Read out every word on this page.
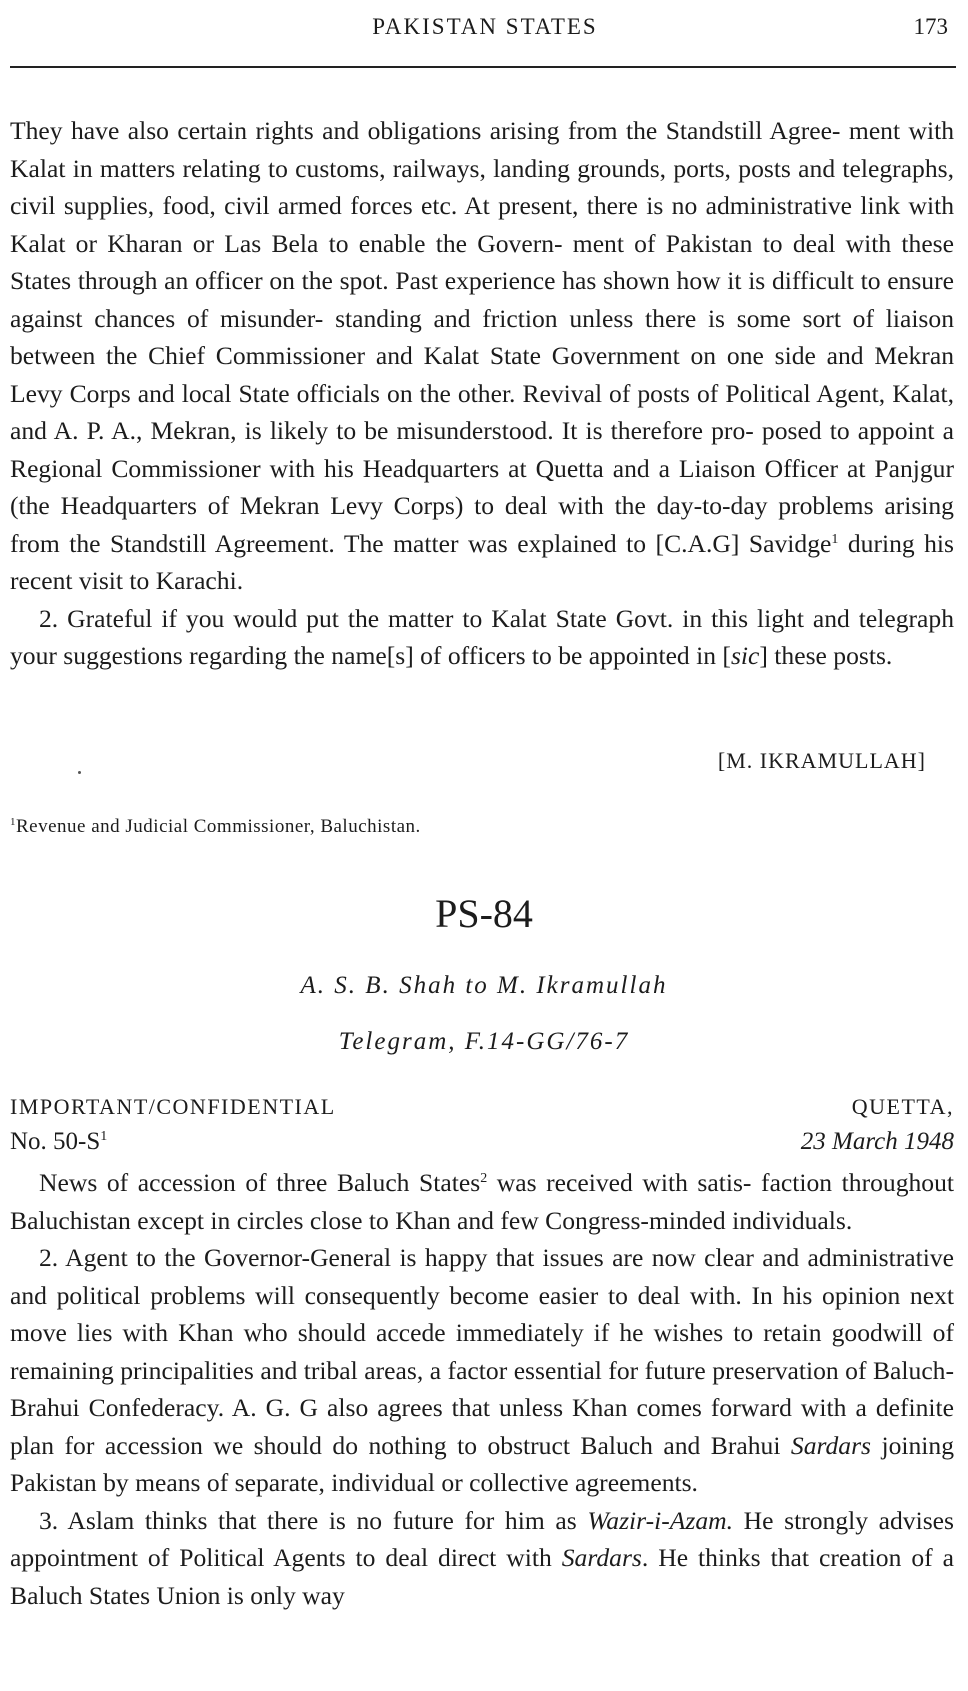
PAKISTAN STATES	173

They have also certain rights and obligations arising from the Standstill Agree- ment with Kalat in matters relating to customs, railways, landing grounds, ports, posts and telegraphs, civil supplies, food, civil armed forces etc. At present, there is no administrative link with Kalat or Kharan or Las Bela to enable the Govern- ment of Pakistan to deal with these States through an officer on the spot. Past experience has shown how it is difficult to ensure against chances of misunder- standing and friction unless there is some sort of liaison between the Chief Commissioner and Kalat State Government on one side and Mekran Levy Corps and local State officials on the other. Revival of posts of Political Agent, Kalat, and A. P. A., Mekran, is likely to be misunderstood. It is therefore pro- posed to appoint a Regional Commissioner with his Headquarters at Quetta and a Liaison Officer at Panjgur (the Headquarters of Mekran Levy Corps) to deal with the day-to-day problems arising from the Standstill Agreement. The matter was explained to [C.A.G] Savidge$^1$ during his recent visit to Karachi.

2. Grateful if you would put the matter to Kalat State Govt. in this light and telegraph your suggestions regarding the name[s] of officers to be appointed in [sic] these posts.

[M. IKRAMULLAH]
$^1$Revenue and Judicial Commissioner, Baluchistan.
PS-84
A. S. B. Shah to M. Ikramullah
Telegram, F.14-GG/76-7
IMPORTANT/CONFIDENTIAL	QUETTA,
No. $50-S^1$	23 March 1948

News of accession of three Baluch States$^2$ was received with satis- faction throughout Baluchistan except in circles close to Khan and few Congress-minded individuals.

2. Agent to the Governor-General is happy that issues are now clear and administrative and political problems will consequently become easier to deal with. In his opinion next move lies with Khan who should accede immediately if he wishes to retain goodwill of remaining principalities and tribal areas, a factor essential for future preservation of Baluch-Brahui Confederacy. A. G. G also agrees that unless Khan comes forward with a definite plan for accession we should do nothing to obstruct Baluch and Brahui Sardars joining Pakistan by means of separate, individual or collective agreements.

3. Aslam thinks that there is no future for him as Wazir-i-Azam. He strongly advises appointment of Political Agents to deal direct with Sardars. He thinks that creation of a Baluch States Union is only way
